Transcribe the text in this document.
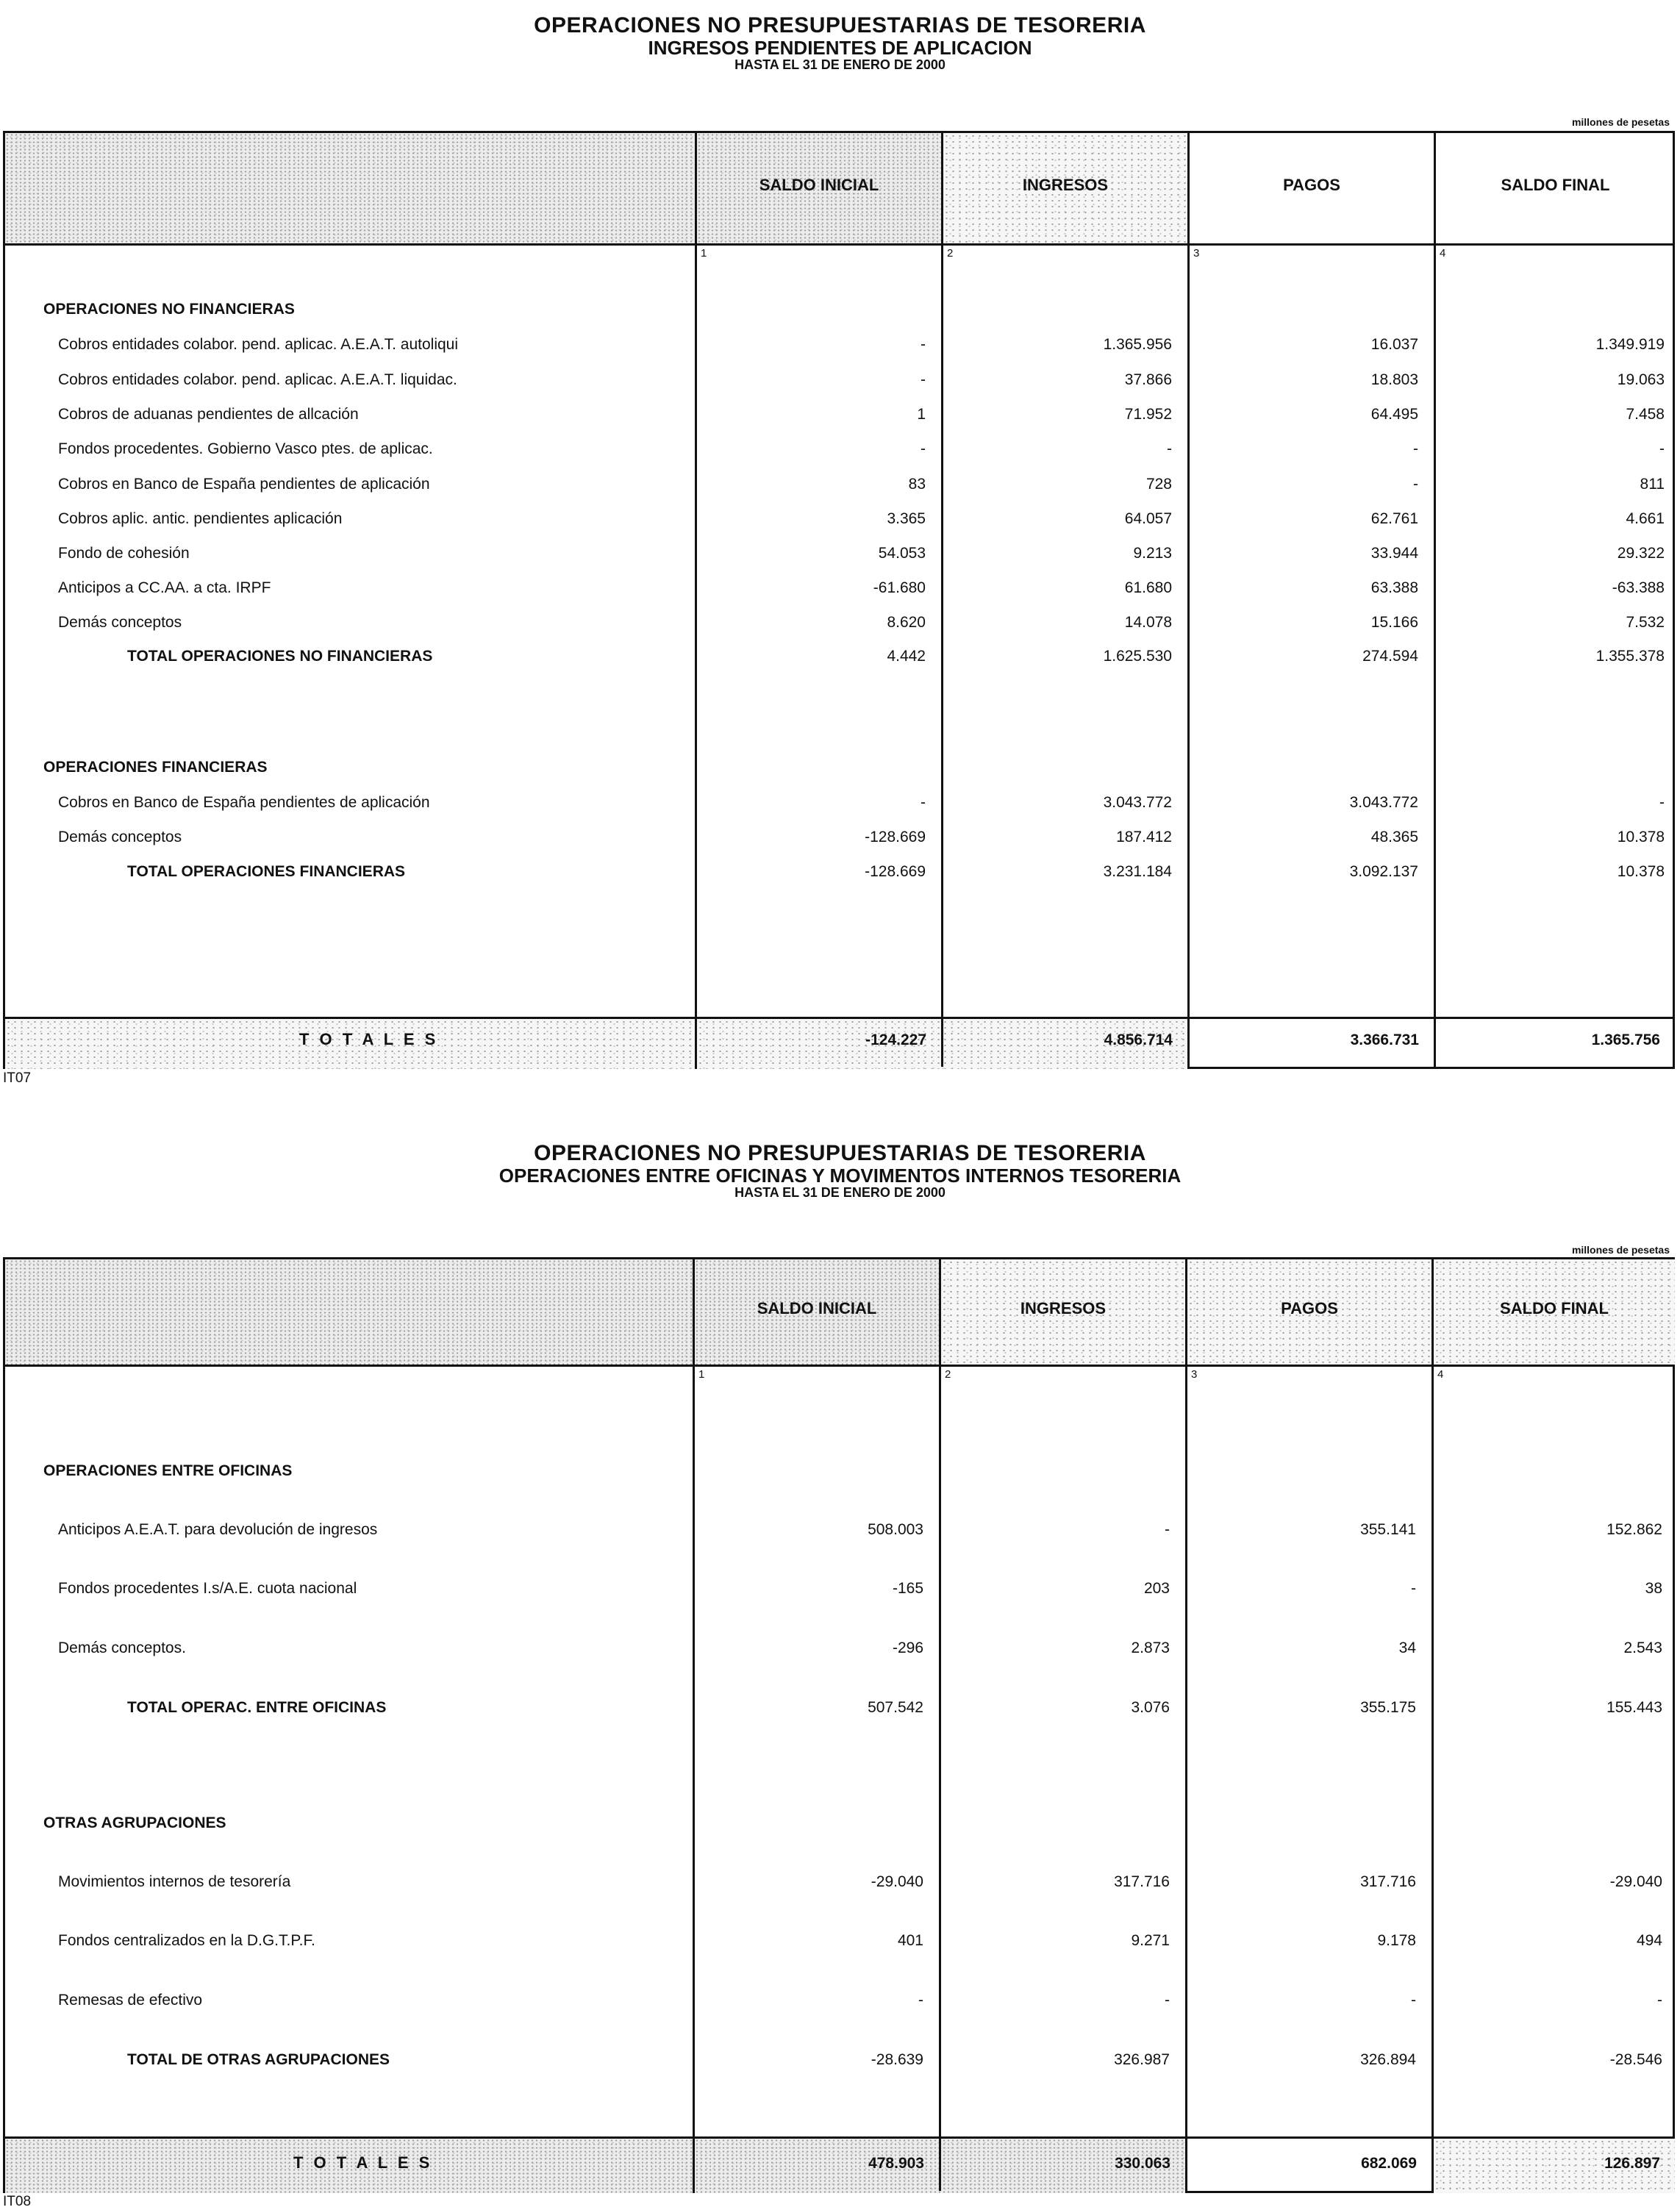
OPERACIONES NO PRESUPUESTARIAS DE TESORERIA
INGRESOS PENDIENTES DE APLICACION
HASTA EL 31 DE ENERO DE 2000
millones de pesetas
SALDO INICIAL	INGRESOS	PAGOS	SALDO FINAL
1	2	3	4
OPERACIONES NO FINANCIERAS
Cobros entidades colabor. pend. aplicac. A.E.A.T. autoliqui	-	1.365.956	16.037	1.349.919
Cobros entidades colabor. pend. aplicac. A.E.A.T. liquidac.	-	37.866	18.803	19.063
Cobros de aduanas pendientes de allcación	1	71.952	64.495	7.458
Fondos procedentes. Gobierno Vasco ptes. de aplicac.	-	-	-	-
Cobros en Banco de España pendientes de aplicación	83	728	-	811
Cobros aplic. antic. pendientes aplicación	3.365	64.057	62.761	4.661
Fondo de cohesión	54.053	9.213	33.944	29.322
Anticipos a CC.AA. a cta. IRPF	-61.680	61.680	63.388	-63.388
Demás conceptos	8.620	14.078	15.166	7.532
TOTAL OPERACIONES NO FINANCIERAS	4.442	1.625.530	274.594	1.355.378
OPERACIONES FINANCIERAS
Cobros en Banco de España pendientes de aplicación	-	3.043.772	3.043.772	-
Demás conceptos	-128.669	187.412	48.365	10.378
TOTAL OPERACIONES FINANCIERAS	-128.669	3.231.184	3.092.137	10.378
T O T A L E S	-124.227	4.856.714	3.366.731	1.365.756
IT07
OPERACIONES NO PRESUPUESTARIAS DE TESORERIA
OPERACIONES ENTRE OFICINAS Y MOVIMENTOS INTERNOS TESORERIA
HASTA EL 31 DE ENERO DE 2000
millones de pesetas
SALDO INICIAL	INGRESOS	PAGOS	SALDO FINAL
1	2	3	4
OPERACIONES ENTRE OFICINAS
Anticipos A.E.A.T. para devolución de ingresos	508.003	-	355.141	152.862
Fondos procedentes I.s/A.E. cuota nacional	-165	203	-	38
Demás conceptos.	-296	2.873	34	2.543
TOTAL OPERAC. ENTRE OFICINAS	507.542	3.076	355.175	155.443
OTRAS AGRUPACIONES
Movimientos internos de tesorería	-29.040	317.716	317.716	-29.040
Fondos centralizados en la D.G.T.P.F.	401	9.271	9.178	494
Remesas de efectivo	-	-	-	-
TOTAL DE OTRAS AGRUPACIONES	-28.639	326.987	326.894	-28.546
T O T A L E S	478.903	330.063	682.069	126.897
IT08
